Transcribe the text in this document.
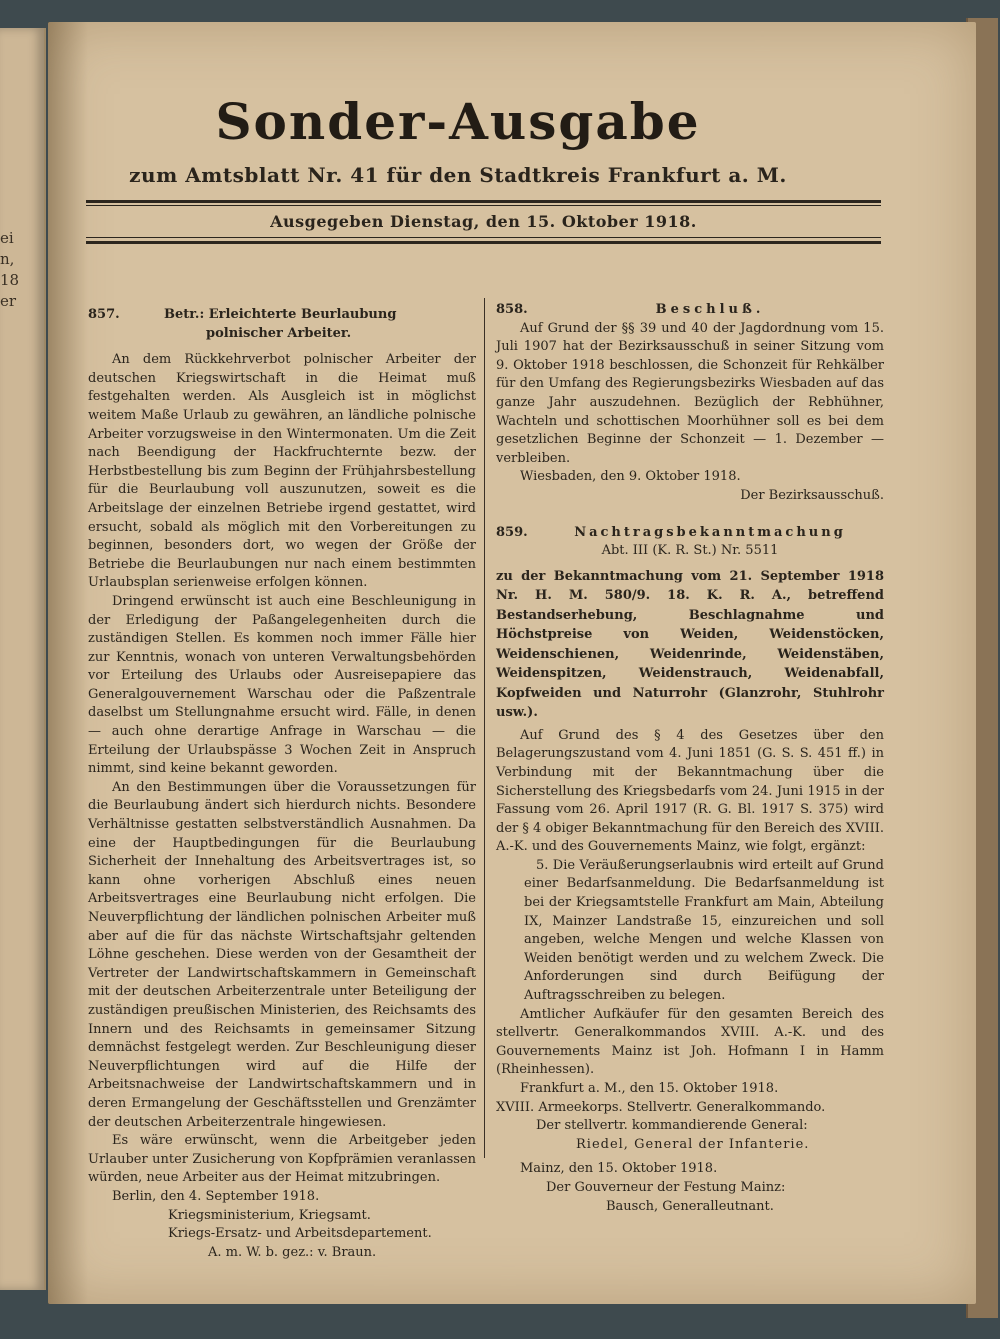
ei
n,
18
er
Sonder-Ausgabe
zum Amtsblatt Nr. 41 für den Stadtkreis Frankfurt a. M.
Ausgegeben Dienstag, den 15. Oktober 1918.
857.	Betr.: Erleichterte Beurlaubung
polnischer Arbeiter.

An dem Rückkehrverbot polnischer Arbeiter der deutschen Kriegswirtschaft in die Heimat muß festgehalten werden. Als Ausgleich ist in möglichst weitem Maße Urlaub zu gewähren, an ländliche polnische Arbeiter vorzugsweise in den Wintermonaten. Um die Zeit nach Beendigung der Hackfruchternte bezw. der Herbstbestellung bis zum Beginn der Frühjahrsbestellung für die Beurlaubung voll auszunutzen, soweit es die Arbeitslage der einzelnen Betriebe irgend gestattet, wird ersucht, sobald als möglich mit den Vorbereitungen zu beginnen, besonders dort, wo wegen der Größe der Betriebe die Beurlaubungen nur nach einem bestimmten Urlaubsplan serienweise erfolgen können.

Dringend erwünscht ist auch eine Beschleunigung in der Erledigung der Paßangelegenheiten durch die zuständigen Stellen. Es kommen noch immer Fälle hier zur Kenntnis, wonach von unteren Verwaltungsbehörden vor Erteilung des Urlaubs oder Ausreisepapiere das Generalgouvernement Warschau oder die Paßzentrale daselbst um Stellungnahme ersucht wird. Fälle, in denen — auch ohne derartige Anfrage in Warschau — die Erteilung der Urlaubspässe 3 Wochen Zeit in Anspruch nimmt, sind keine bekannt geworden.

An den Bestimmungen über die Voraussetzungen für die Beurlaubung ändert sich hierdurch nichts. Besondere Verhältnisse gestatten selbstverständlich Ausnahmen. Da eine der Hauptbedingungen für die Beurlaubung Sicherheit der Innehaltung des Arbeitsvertrages ist, so kann ohne vorherigen Abschluß eines neuen Arbeitsvertrages eine Beurlaubung nicht erfolgen. Die Neuverpflichtung der ländlichen polnischen Arbeiter muß aber auf die für das nächste Wirtschaftsjahr geltenden Löhne geschehen. Diese werden von der Gesamtheit der Vertreter der Landwirtschaftskammern in Gemeinschaft mit der deutschen Arbeiterzentrale unter Beteiligung der zuständigen preußischen Ministerien, des Reichsamts des Innern und des Reichsamts in gemeinsamer Sitzung demnächst festgelegt werden. Zur Beschleunigung dieser Neuverpflichtungen wird auf die Hilfe der Arbeitsnachweise der Landwirtschaftskammern und in deren Ermangelung der Geschäftsstellen und Grenzämter der deutschen Arbeiterzentrale hingewiesen.

Es wäre erwünscht, wenn die Arbeitgeber jeden Urlauber unter Zusicherung von Kopfprämien veranlassen würden, neue Arbeiter aus der Heimat mitzubringen.

Berlin, den 4. September 1918.

Kriegsministerium, Kriegsamt.

Kriegs-Ersatz- und Arbeitsdepartement.

A. m. W. b. gez.: v. Braun.

858.	Beschluß.

Auf Grund der §§ 39 und 40 der Jagdordnung vom 15. Juli 1907 hat der Bezirksausschuß in seiner Sitzung vom 9. Oktober 1918 beschlossen, die Schonzeit für Rehkälber für den Umfang des Regierungsbezirks Wiesbaden auf das ganze Jahr auszudehnen. Bezüglich der Rebhühner, Wachteln und schottischen Moorhühner soll es bei dem gesetzlichen Beginne der Schonzeit — 1. Dezember — verbleiben.

Wiesbaden, den 9. Oktober 1918.

Der Bezirksausschuß.

859.	Nachtragsbekanntmachung

Abt. III (K. R. St.) Nr. 5511

zu der Bekanntmachung vom 21. September 1918 Nr. H. M. 580/9. 18. K. R. A., betreffend Bestandserhebung, Beschlagnahme und Höchstpreise von Weiden, Weidenstöcken, Weidenschienen, Weidenrinde, Weidenstäben, Weidenspitzen, Weidenstrauch, Weidenabfall, Kopfweiden und Naturrohr (Glanzrohr, Stuhlrohr usw.).

Auf Grund des § 4 des Gesetzes über den Belagerungszustand vom 4. Juni 1851 (G. S. S. 451 ff.) in Verbindung mit der Bekanntmachung über die Sicherstellung des Kriegsbedarfs vom 24. Juni 1915 in der Fassung vom 26. April 1917 (R. G. Bl. 1917 S. 375) wird der § 4 obiger Bekanntmachung für den Bereich des XVIII. A.-K. und des Gouvernements Mainz, wie folgt, ergänzt:

5. Die Veräußerungserlaubnis wird erteilt auf Grund einer Bedarfsanmeldung. Die Bedarfsanmeldung ist bei der Kriegsamtstelle Frankfurt am Main, Abteilung IX, Mainzer Landstraße 15, einzureichen und soll angeben, welche Mengen und welche Klassen von Weiden benötigt werden und zu welchem Zweck. Die Anforderungen sind durch Beifügung der Auftragsschreiben zu belegen.

Amtlicher Aufkäufer für den gesamten Bereich des stellvertr. Generalkommandos XVIII. A.-K. und des Gouvernements Mainz ist Joh. Hofmann I in Hamm (Rheinhessen).

Frankfurt a. M., den 15. Oktober 1918.

XVIII. Armeekorps. Stellvertr. Generalkommando.

Der stellvertr. kommandierende General:

Riedel, General der Infanterie.

Mainz, den 15. Oktober 1918.

Der Gouverneur der Festung Mainz:

Bausch, Generalleutnant.
